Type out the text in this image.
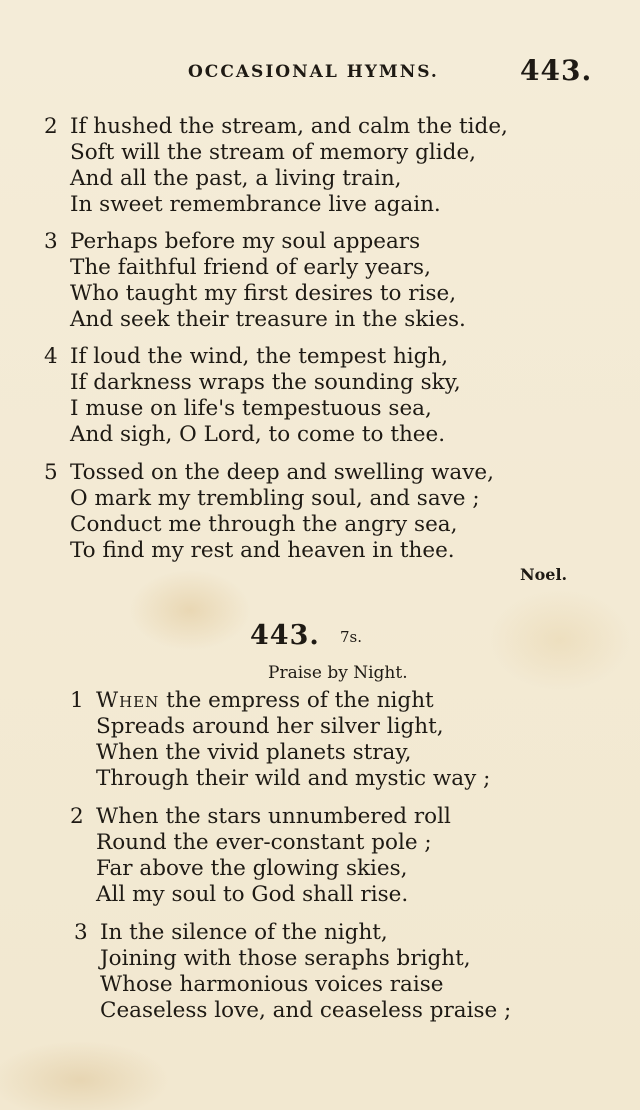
OCCASIONAL HYMNS.	443.
2 If hushed the stream, and calm the tide,
Soft will the stream of memory glide,
And all the past, a living train,
In sweet remembrance live again.
3 Perhaps before my soul appears
The faithful friend of early years,
Who taught my first desires to rise,
And seek their treasure in the skies.
4 If loud the wind, the tempest high,
If darkness wraps the sounding sky,
I muse on life's tempestuous sea,
And sigh, O Lord, to come to thee.
5 Tossed on the deep and swelling wave,
O mark my trembling soul, and save ;
Conduct me through the angry sea,
To find my rest and heaven in thee.
Noel.
443. 7s.
Praise by Night.
1 When the empress of the night
Spreads around her silver light,
When the vivid planets stray,
Through their wild and mystic way ;
2 When the stars unnumbered roll
Round the ever-constant pole ;
Far above the glowing skies,
All my soul to God shall rise.
3 In the silence of the night,
Joining with those seraphs bright,
Whose harmonious voices raise
Ceaseless love, and ceaseless praise ;
